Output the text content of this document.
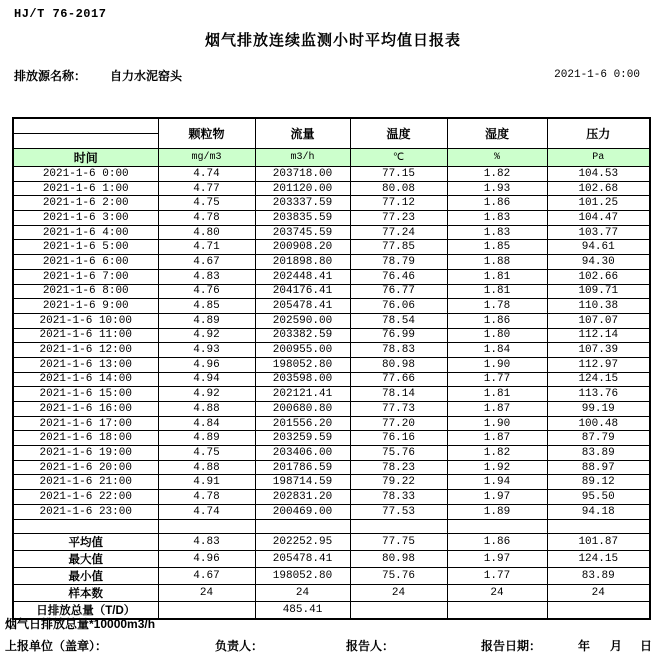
HJ/T 76-2017
烟气排放连续监测小时平均值日报表
排放源名称： 自力水泥窑头	2021-1-6 0:00
	颗粒物	流量	温度	湿度	压力

时间	mg/m3	m3/h	℃	%	Pa
2021-1-6 0:00	4.74	203718.00	77.15	1.82	104.53
2021-1-6 1:00	4.77	201120.00	80.08	1.93	102.68
2021-1-6 2:00	4.75	203337.59	77.12	1.86	101.25
2021-1-6 3:00	4.78	203835.59	77.23	1.83	104.47
2021-1-6 4:00	4.80	203745.59	77.24	1.83	103.77
2021-1-6 5:00	4.71	200908.20	77.85	1.85	94.61
2021-1-6 6:00	4.67	201898.80	78.79	1.88	94.30
2021-1-6 7:00	4.83	202448.41	76.46	1.81	102.66
2021-1-6 8:00	4.76	204176.41	76.77	1.81	109.71
2021-1-6 9:00	4.85	205478.41	76.06	1.78	110.38
2021-1-6 10:00	4.89	202590.00	78.54	1.86	107.07
2021-1-6 11:00	4.92	203382.59	76.99	1.80	112.14
2021-1-6 12:00	4.93	200955.00	78.83	1.84	107.39
2021-1-6 13:00	4.96	198052.80	80.98	1.90	112.97
2021-1-6 14:00	4.94	203598.00	77.66	1.77	124.15
2021-1-6 15:00	4.92	202121.41	78.14	1.81	113.76
2021-1-6 16:00	4.88	200680.80	77.73	1.87	99.19
2021-1-6 17:00	4.84	201556.20	77.20	1.90	100.48
2021-1-6 18:00	4.89	203259.59	76.16	1.87	87.79
2021-1-6 19:00	4.75	203406.00	75.76	1.82	83.89
2021-1-6 20:00	4.88	201786.59	78.23	1.92	88.97
2021-1-6 21:00	4.91	198714.59	79.22	1.94	89.12
2021-1-6 22:00	4.78	202831.20	78.33	1.97	95.50
2021-1-6 23:00	4.74	200469.00	77.53	1.89	94.18

平均值	4.83	202252.95	77.75	1.86	101.87
最大值	4.96	205478.41	80.98	1.97	124.15
最小值	4.67	198052.80	75.76	1.77	83.89
样本数	24	24	24	24	24
日排放总量（T/D）		485.41			
烟气日排放总量*10000m3/h
上报单位（盖章）：	负责人：	报告人：	报告日期：	年 月 日
